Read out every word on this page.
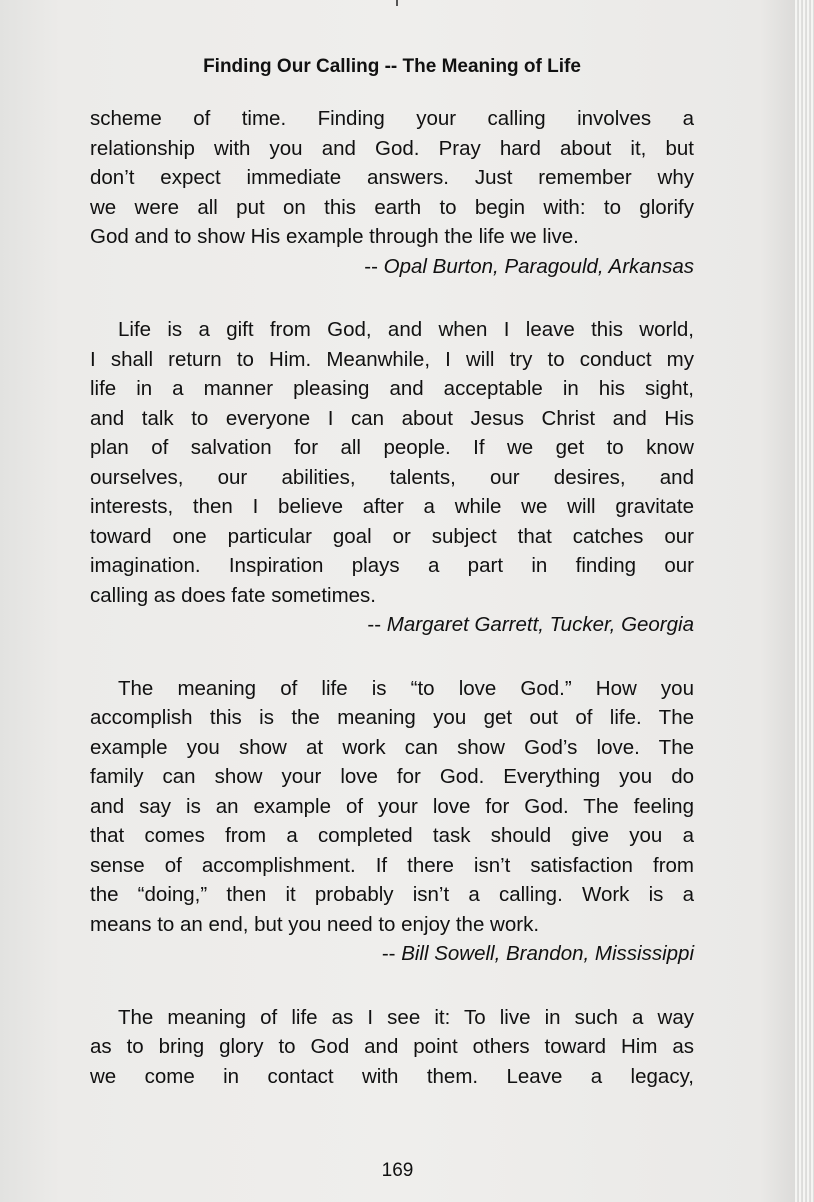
Finding Our Calling -- The Meaning of Life

scheme of time. Finding your calling involves a
relationship with you and God. Pray hard about it, but
don’t expect immediate answers. Just remember why
we were all put on this earth to begin with: to glorify
God and to show His example through the life we live.

-- Opal Burton, Paragould, Arkansas

Life is a gift from God, and when I leave this world,
I shall return to Him. Meanwhile, I will try to conduct my
life in a manner pleasing and acceptable in his sight,
and talk to everyone I can about Jesus Christ and His
plan of salvation for all people. If we get to know
ourselves, our abilities, talents, our desires, and
interests, then I believe after a while we will gravitate
toward one particular goal or subject that catches our
imagination. Inspiration plays a part in finding our
calling as does fate sometimes.

-- Margaret Garrett, Tucker, Georgia

The meaning of life is “to love God.” How you
accomplish this is the meaning you get out of life. The
example you show at work can show God’s love. The
family can show your love for God. Everything you do
and say is an example of your love for God. The feeling
that comes from a completed task should give you a
sense of accomplishment. If there isn’t satisfaction from
the “doing,” then it probably isn’t a calling. Work is a
means to an end, but you need to enjoy the work.

-- Bill Sowell, Brandon, Mississippi

The meaning of life as I see it: To live in such a way
as to bring glory to God and point others toward Him as
we come in contact with them. Leave a legacy,

169
